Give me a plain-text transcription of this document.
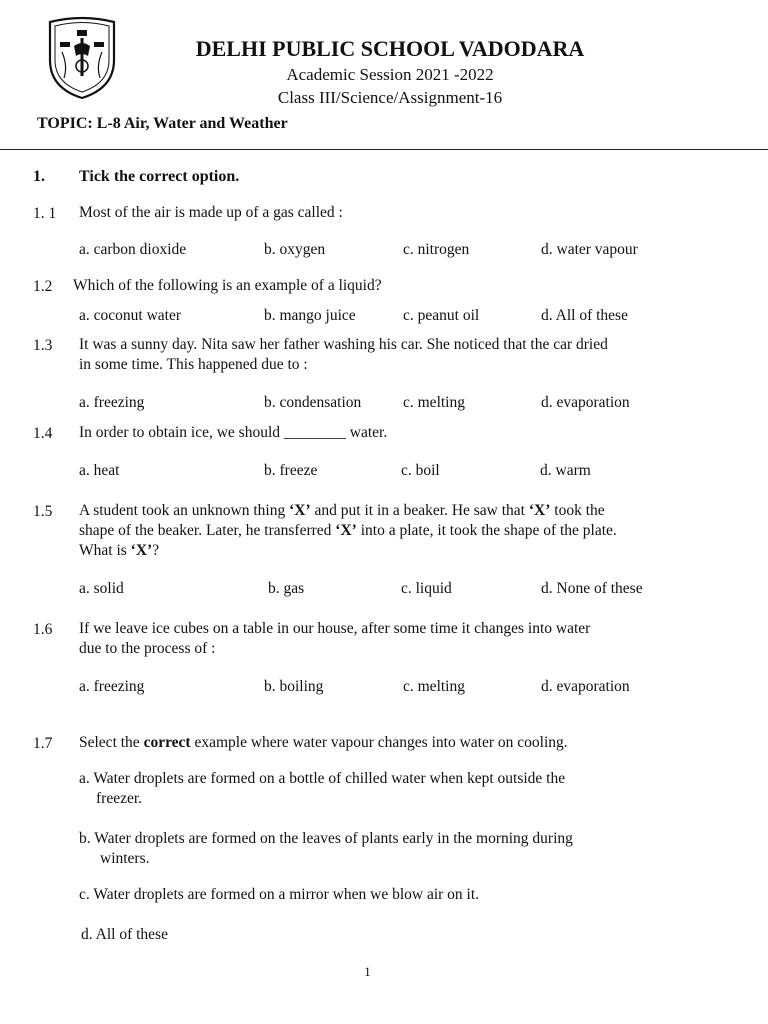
DELHI PUBLIC SCHOOL VADODARA
Academic Session 2021 -2022
Class III/Science/Assignment-16
TOPIC: L-8 Air, Water and Weather
1. Tick the correct option.
1. 1 Most of the air is made up of a gas called :
a. carbon dioxide	b. oxygen	c. nitrogen	d. water vapour
1.2 Which of the following is an example of a liquid?
a. coconut water	b. mango juice	c. peanut oil	d. All of these
1.3 It was a sunny day. Nita saw her father washing his car. She noticed that the car dried
in some time. This happened due to :
a. freezing	b. condensation	c. melting	d. evaporation
1.4 In order to obtain ice, we should ________ water.
a. heat	b. freeze	c. boil	d. warm
1.5 A student took an unknown thing ‘X’ and put it in a beaker. He saw that ‘X’ took the
shape of the beaker. Later, he transferred ‘X’ into a plate, it took the shape of the plate.
What is ‘X’?
a. solid	b. gas	c. liquid	d. None of these
1.6 If we leave ice cubes on a table in our house, after some time it changes into water
due to the process of :
a. freezing	b. boiling	c. melting	d. evaporation
1.7 Select the correct example where water vapour changes into water on cooling.
a. Water droplets are formed on a bottle of chilled water when kept outside the
freezer.
b. Water droplets are formed on the leaves of plants early in the morning during
winters.
c. Water droplets are formed on a mirror when we blow air on it.
d. All of these
1
